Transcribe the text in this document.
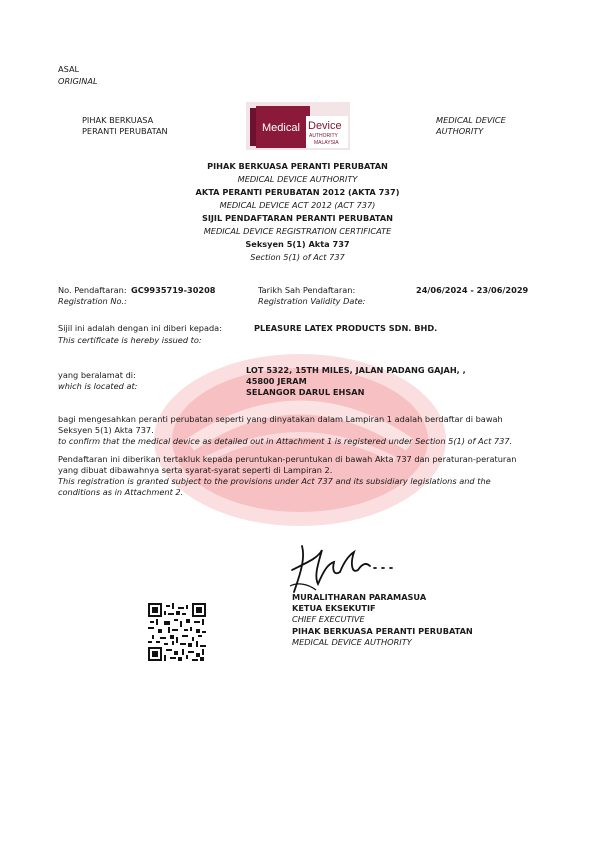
ASAL
ORIGINAL
PIHAK BERKUASA
PERANTI PERUBATAN
MEDICAL DEVICE
AUTHORITY
Medical Device
AUTHORITY
MALAYSIA
PIHAK BERKUASA PERANTI PERUBATAN
MEDICAL DEVICE AUTHORITY
AKTA PERANTI PERUBATAN 2012 (AKTA 737)
MEDICAL DEVICE ACT 2012 (ACT 737)
SIJIL PENDAFTARAN PERANTI PERUBATAN
MEDICAL DEVICE REGISTRATION CERTIFICATE
Seksyen 5(1) Akta 737
Section 5(1) of Act 737
No. Pendaftaran: GC9935719-30208
Registration No.:
Tarikh Sah Pendaftaran:
Registration Validity Date:
24/06/2024 - 23/06/2029
Sijil ini adalah dengan ini diberi kepada:
This certificate is hereby issued to:
PLEASURE LATEX PRODUCTS SDN. BHD.
yang beralamat di:
which is located at:
LOT 5322, 15TH MILES, JALAN PADANG GAJAH, ,
45800 JERAM
SELANGOR DARUL EHSAN
bagi mengesahkan peranti perubatan seperti yang dinyatakan dalam Lampiran 1 adalah berdaftar di bawah Seksyen 5(1) Akta 737.
to confirm that the medical device as detailed out in Attachment 1 is registered under Section 5(1) of Act 737.
Pendaftaran ini diberikan tertakluk kepada peruntukan-peruntukan di bawah Akta 737 dan peraturan-peraturan yang dibuat dibawahnya serta syarat-syarat seperti di Lampiran 2.
This registration is granted subject to the provisions under Act 737 and its subsidiary legislations and the conditions as in Attachment 2.
MURALITHARAN PARAMASUA
KETUA EKSEKUTIF
CHIEF EXECUTIVE
PIHAK BERKUASA PERANTI PERUBATAN
MEDICAL DEVICE AUTHORITY
